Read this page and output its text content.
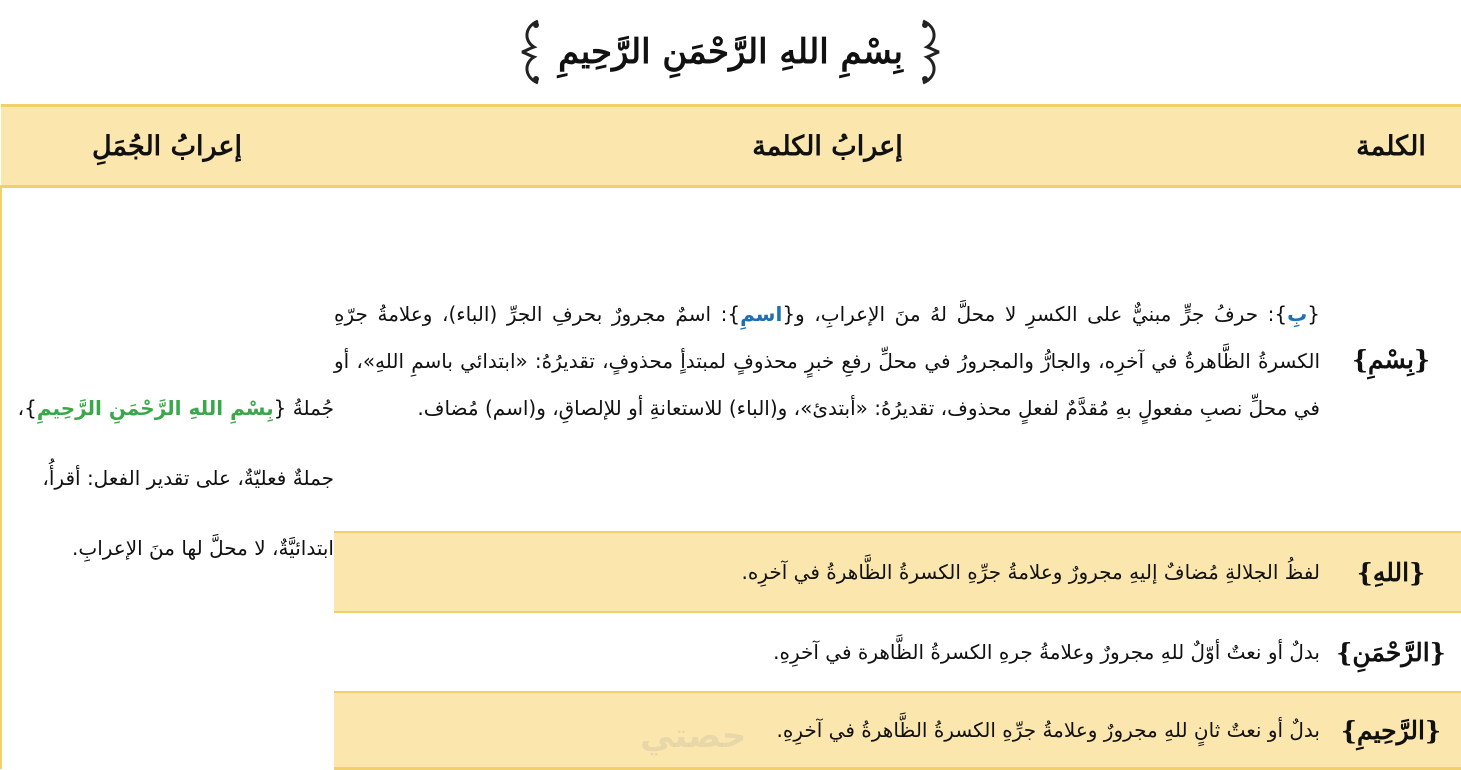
بِسْمِ اللهِ الرَّحْمَنِ الرَّحِيمِ
الكلمة	إعرابُ الكلمة	إعرابُ الجُمَلِ
{بِسْمِ}	{بِ}: حرفُ جرٍّ مبنيٌّ على الكسرِ لا محلَّ لهُ منَ الإعرابِ، و{اسمِ}: اسمٌ مجرورٌ بحرفِ الجرِّ (الباء)، وعلامةُ جرّهِ الكسرةُ الظَّاهرةُ في آخرِه، والجارُّ والمجرورُ في محلِّ رفعِ خبرٍ محذوفٍ لمبتدأٍ محذوفٍ، تقديرُهُ: «ابتدائي باسمِ اللهِ»، أو في محلِّ نصبِ مفعولٍ بهِ مُقدَّمٌ لفعلٍ محذوف، تقديرُهُ: «أبتدئ»، و(الباء) للاستعانةِ أو للإلصاقِ، و(اسم) مُضاف.	جُملةُ {بِسْمِ اللهِ الرَّحْمَنِ الرَّحِيمِ}، جملةٌ فعليّةٌ، على تقدير الفعل: أقرأُ، ابتدائيَّةٌ، لا محلَّ لها منَ الإعرابِ.
{اللهِ}	لفظُ الجلالةِ مُضافٌ إليهِ مجرورٌ وعلامةُ جرِّهِ الكسرةُ الظَّاهرةُ في آخرِه.	
{الرَّحْمَنِ}	بدلٌ أو نعتٌ أوّلٌ للهِ مجرورٌ وعلامةُ جرهِ الكسرةُ الظَّاهرة في آخرِهِ.	
{الرَّحِيمِ}	بدلٌ أو نعتٌ ثانٍ للهِ مجرورٌ وعلامةُ جرِّهِ الكسرةُ الظَّاهرةُ في آخرِهِ.	
